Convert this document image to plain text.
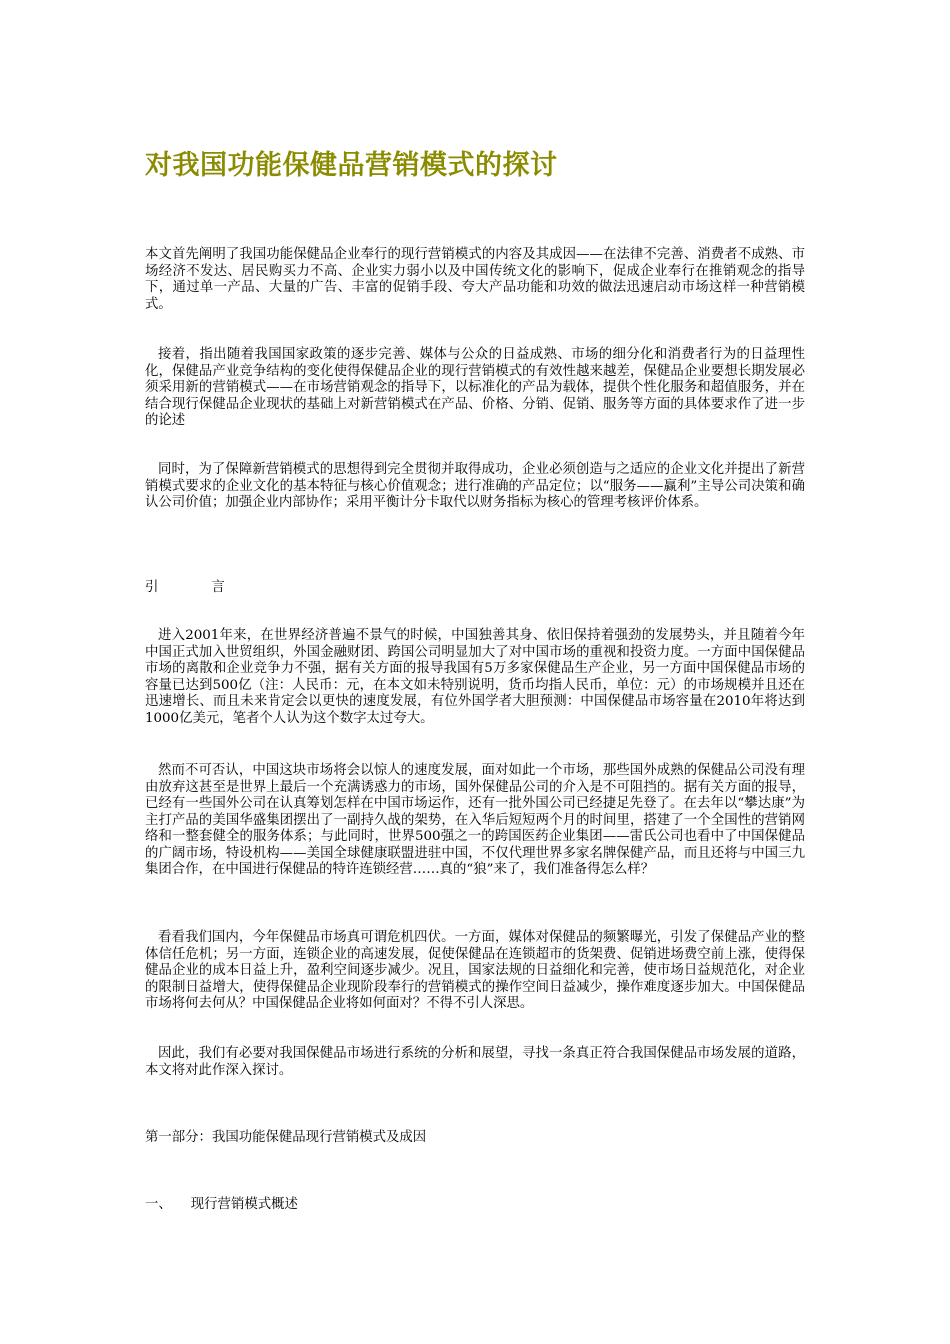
对我国功能保健品营销模式的探讨

本文首先阐明了我国功能保健品企业奉行的现行营销模式的内容及其成因——在法律不完善、消费者不成熟、市场经济不发达、居民购买力不高、企业实力弱小以及中国传统文化的影响下，促成企业奉行在推销观念的指导下，通过单一产品、大量的广告、丰富的促销手段、夸大产品功能和功效的做法迅速启动市场这样一种营销模式。

接着，指出随着我国国家政策的逐步完善、媒体与公众的日益成熟、市场的细分化和消费者行为的日益理性化，保健品产业竞争结构的变化使得保健品企业的现行营销模式的有效性越来越差，保健品企业要想长期发展必须采用新的营销模式——在市场营销观念的指导下，以标准化的产品为载体，提供个性化服务和超值服务，并在结合现行保健品企业现状的基础上对新营销模式在产品、价格、分销、促销、服务等方面的具体要求作了进一步的论述

同时，为了保障新营销模式的思想得到完全贯彻并取得成功，企业必须创造与之适应的企业文化并提出了新营销模式要求的企业文化的基本特征与核心价值观念；进行准确的产品定位；以“服务——赢利”主导公司决策和确认公司价值；加强企业内部协作；采用平衡计分卡取代以财务指标为核心的管理考核评价体系。

引	言

进入2001年来，在世界经济普遍不景气的时候，中国独善其身、依旧保持着强劲的发展势头，并且随着今年中国正式加入世贸组织，外国金融财团、跨国公司明显加大了对中国市场的重视和投资力度。一方面中国保健品市场的离散和企业竞争力不强，据有关方面的报导我国有5万多家保健品生产企业，另一方面中国保健品市场的容量已达到500亿（注：人民币：元，在本文如未特别说明，货币均指人民币，单位：元）的市场规模并且还在迅速增长、而且未来肯定会以更快的速度发展，有位外国学者大胆预测：中国保健品市场容量在2010年将达到1000亿美元，笔者个人认为这个数字太过夸大。

然而不可否认，中国这块市场将会以惊人的速度发展，面对如此一个市场，那些国外成熟的保健品公司没有理由放弃这甚至是世界上最后一个充满诱惑力的市场，国外保健品公司的介入是不可阻挡的。据有关方面的报导，已经有一些国外公司在认真筹划怎样在中国市场运作，还有一批外国公司已经捷足先登了。在去年以“攀达康”为主打产品的美国华盛集团摆出了一副持久战的架势，在入华后短短两个月的时间里，搭建了一个全国性的营销网络和一整套健全的服务体系；与此同时，世界500强之一的跨国医药企业集团——雷氏公司也看中了中国保健品的广阔市场，特设机构——美国全球健康联盟进驻中国，不仅代理世界多家名牌保健产品，而且还将与中国三九集团合作，在中国进行保健品的特许连锁经营……真的“狼”来了，我们准备得怎么样？

看看我们国内，今年保健品市场真可谓危机四伏。一方面，媒体对保健品的频繁曝光，引发了保健品产业的整体信任危机；另一方面，连锁企业的高速发展，促使保健品在连锁超市的货架费、促销进场费空前上涨，使得保健品企业的成本日益上升，盈利空间逐步减少。况且，国家法规的日益细化和完善，使市场日益规范化，对企业的限制日益增大，使得保健品企业现阶段奉行的营销模式的操作空间日益减少，操作难度逐步加大。中国保健品市场将何去何从？中国保健品企业将如何面对？不得不引人深思。

因此，我们有必要对我国保健品市场进行系统的分析和展望，寻找一条真正符合我国保健品市场发展的道路，本文将对此作深入探讨。

第一部分：我国功能保健品现行营销模式及成因

一、 现行营销模式概述
